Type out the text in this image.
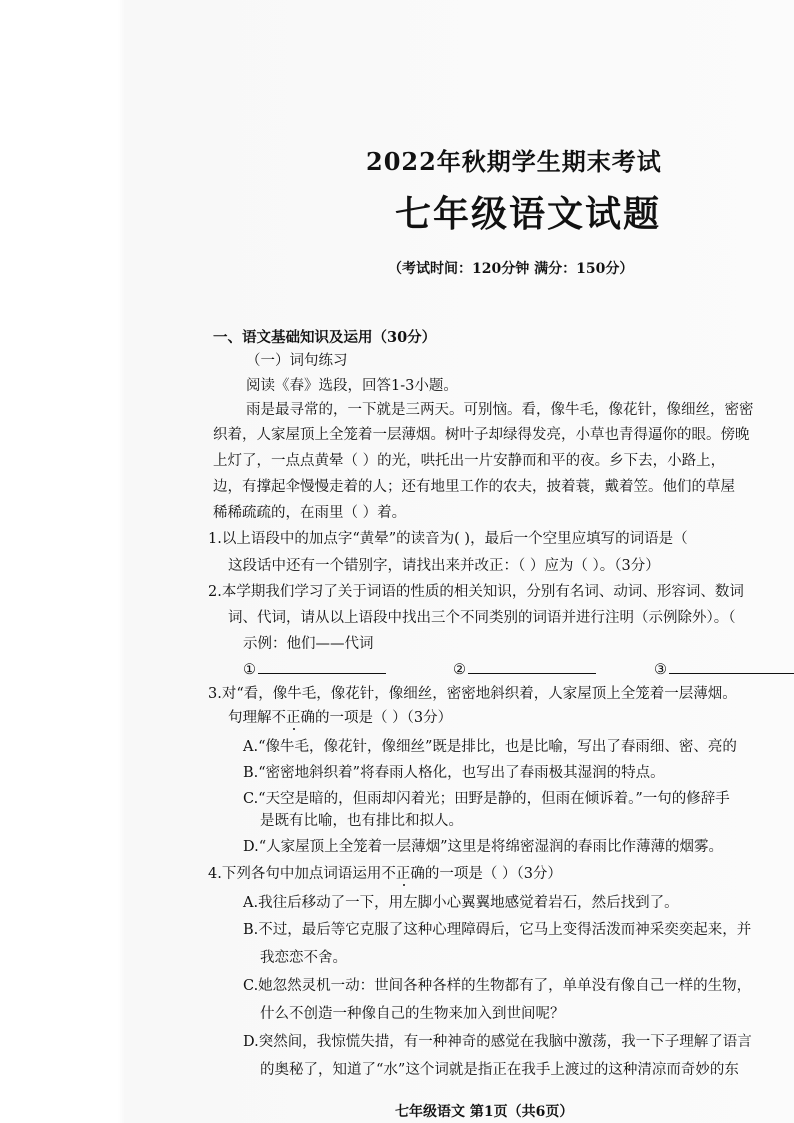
2022年秋期学生期末考试
七年级语文试题
（考试时间：120分钟 满分：150分）
一、语文基础知识及运用（30分）
（一）词句练习
阅读《春》选段，回答1-3小题。
雨是最寻常的，一下就是三两天。可别恼。看，像牛毛，像花针，像细丝，密密
织着，人家屋顶上全笼着一层薄烟。树叶子却绿得发亮，小草也青得逼你的眼。傍晚
上灯了，一点点黄晕（ ）的光，哄托出一片安静而和平的夜。乡下去，小路上，
边，有撑起伞慢慢走着的人；还有地里工作的农夫，披着蓑，戴着笠。他们的草屋
稀稀疏疏的，在雨里（ ）着。
1.以上语段中的加点字“黄晕”的读音为( )，最后一个空里应填写的词语是（
这段话中还有一个错别字，请找出来并改正：（ ）应为（ ）。（3分）
2.本学期我们学习了关于词语的性质的相关知识，分别有名词、动词、形容词、数词
词、代词，请从以上语段中找出三个不同类别的词语并进行注明（示例除外）。（
示例：他们——代词
①	②	③
3.对“看，像牛毛，像花针，像细丝，密密地斜织着，人家屋顶上全笼着一层薄烟。
句理解不正确的一项是（ ）（3分）
A.“像牛毛，像花针，像细丝”既是排比，也是比喻，写出了春雨细、密、亮的
B.“密密地斜织着”将春雨人格化，也写出了春雨极其湿润的特点。
C.“天空是暗的，但雨却闪着光；田野是静的，但雨在倾诉着。”一句的修辞手
是既有比喻，也有排比和拟人。
D.“人家屋顶上全笼着一层薄烟”这里是将绵密湿润的春雨比作薄薄的烟雾。
4.下列各句中加点词语运用不正确的一项是（ ）（3分）
A.我往后移动了一下，用左脚小心翼翼地感觉着岩石，然后找到了。
B.不过，最后等它克服了这种心理障碍后，它马上变得活泼而神采奕奕起来，并
我恋恋不舍。
C.她忽然灵机一动：世间各种各样的生物都有了，单单没有像自己一样的生物，
什么不创造一种像自己的生物来加入到世间呢？
D.突然间，我惊慌失措，有一种神奇的感觉在我脑中激荡，我一下子理解了语言
的奥秘了，知道了“水”这个词就是指正在我手上渡过的这种清凉而奇妙的东
七年级语文 第1页（共6页）
